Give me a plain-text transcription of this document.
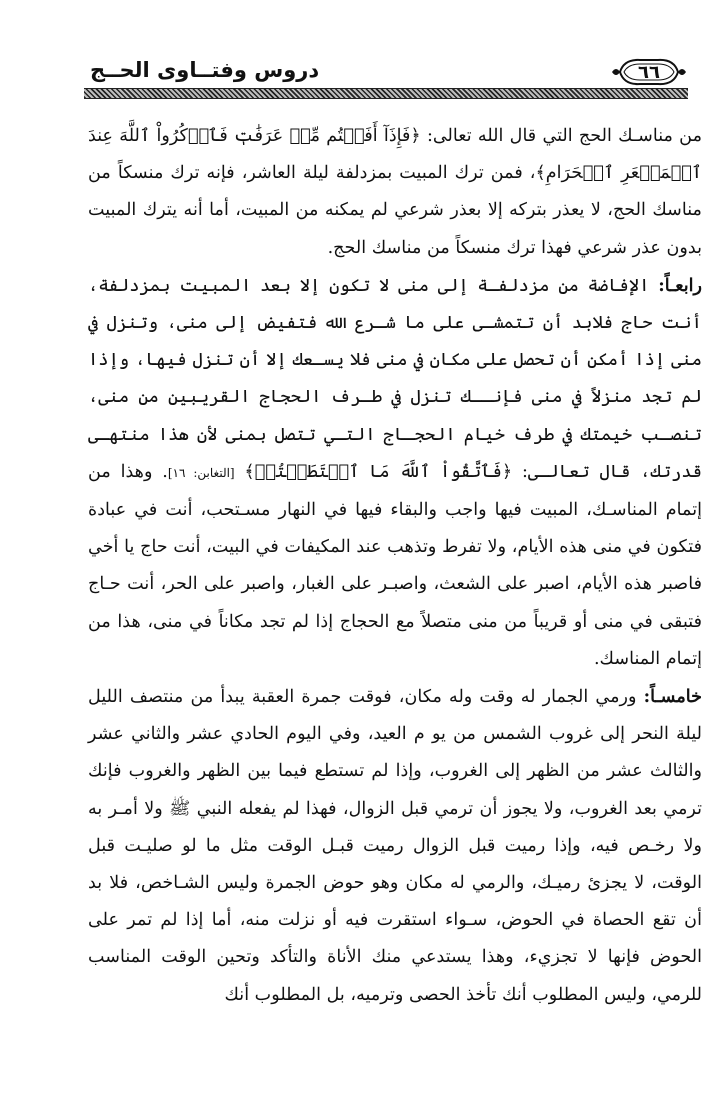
٦٦
دروس وفتــاوى الحــج

من مناسـك الحج التي قال الله تعالى: ﴿فَإِذَآ أَفَضۡتُم مِّنۡ عَرَفَٰتٖ فَٱذۡكُرُواْ ٱللَّهَ عِندَ ٱلۡمَشۡعَرِ ٱلۡحَرَامِ﴾، فمن ترك المبيت بمزدلفة ليلة العاشر، فإنه ترك منسكاً من مناسك الحج، لا يعذر بتركه إلا بعذر شرعي لم يمكنه من المبيت، أما أنه يترك المبيت بدون عذر شرعي فهذا ترك منسكاً من مناسك الحج.

رابعـاً: الإفاضة من مزدلفـة إلى منى لا تكون إلا بعد المبيت بمزدلفة، أنت حاج فلابد أن تتمشـى على ما شـرع الله فتفيض إلى منى، وتنزل في منى إذا أمكن أن تحصل على مكان في منى فلا يسـعك إلا أن تنزل فيها، وإذا لم تجد منزلاً في منى فإنــك تنزل في طـرف الحجاج القريبين من منى، تنصـب خيمتك في طرف خيام الحجـاج التـي تتصل بمنى لأن هذا منتهـى قدرتك، قال تعالـى: ﴿فَٱتَّقُواْ ٱللَّهَ مَا ٱسۡتَطَعۡتُمۡ﴾ [التغابن: ١٦]. وهذا من إتمام المناسـك، المبيت فيها واجب والبقاء فيها في النهار مسـتحب، أنت في عبادة فتكون في منى هذه الأيام، ولا تفرط وتذهب عند المكيفات في البيت، أنت حاج يا أخي فاصبر هذه الأيام، اصبر على الشعث، واصبـر على الغبار، واصبر على الحر، أنت حـاج فتبقى في منى أو قريباً من منى متصلاً مع الحجاج إذا لم تجد مكاناً في منى، هذا من إتمام المناسك.

خامسـاً: ورمي الجمار له وقت وله مكان، فوقت جمرة العقبة يبدأ من منتصف الليل ليلة النحر إلى غروب الشمس من يو م العيد، وفي اليوم الحادي عشر والثاني عشر والثالث عشر من الظهر إلى الغروب، وإذا لم تستطع فيما بين الظهر والغروب فإنك ترمي بعد الغروب، ولا يجوز أن ترمي قبل الزوال، فهذا لم يفعله النبي ﷺ ولا أمـر به ولا رخـص فيه، وإذا رميت قبل الزوال رميت قبـل الوقت مثل ما لو صليـت قبل الوقت، لا يجزئ رميـك، والرمي له مكان وهو حوض الجمرة وليس الشـاخص، فلا بد أن تقع الحصاة في الحوض، سـواء استقرت فيه أو نزلت منه، أما إذا لم تمر على الحوض فإنها لا تجزيء، وهذا يستدعي منك الأناة والتأكد وتحين الوقت المناسب للرمي، وليس المطلوب أنك تأخذ الحصى وترميه، بل المطلوب أنك
